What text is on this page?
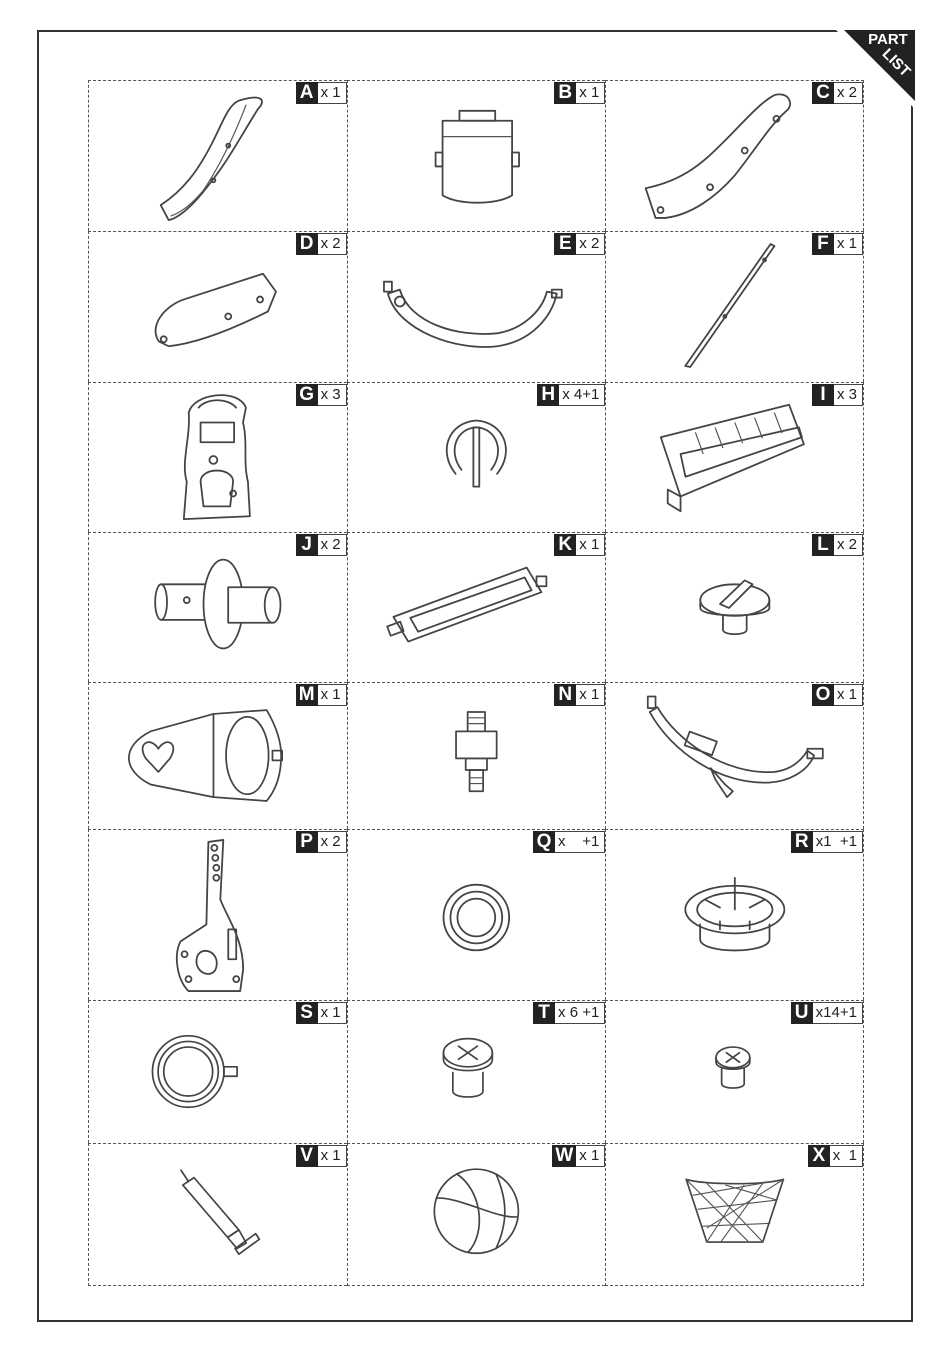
PART
LIST
A x 1	B x 1	C x 2
D x 2	E x 2	F x 1
G x 3	H x 4+1	I x 3
J x 2	K x 1	L x 2
M x 1	N x 1	O x 1
P x 2	Q x    +1	R x1  +1
S x 1	T x 6 +1	U x14+1
V x 1	W x 1	X x  1
